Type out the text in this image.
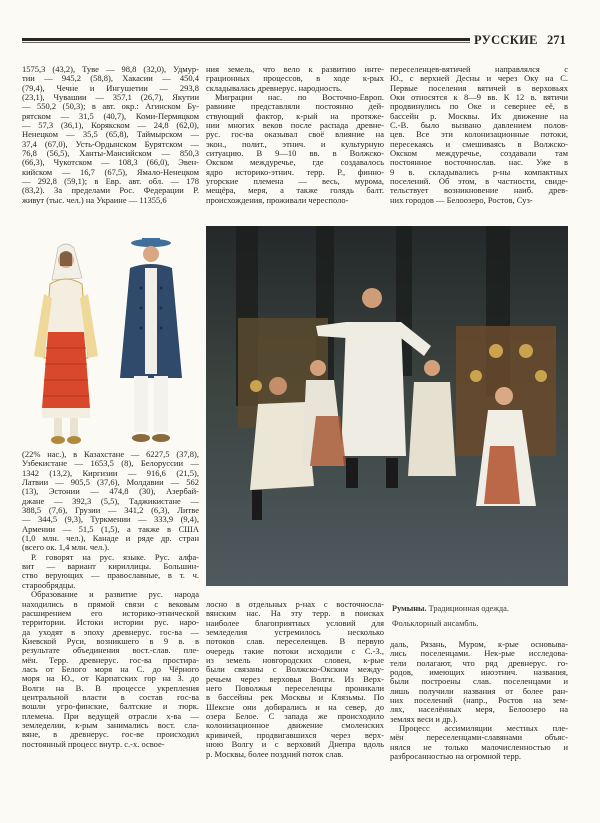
РУССКИЕ 271
1575,3 (43,2), Туве — 98,8 (32,0), Удмур-
тии — 945,2 (58,8), Хакасии — 450,4
(79,4), Чечне и Ингушетии — 293,8
(23,1), Чувашии — 357,1 (26,7), Якутии
— 550,2 (50,3); в авт. окр.: Агинском Бу-
рятском — 31,5 (40,7), Коми-Пермяцком
— 57,3 (36,1), Корякском — 24,8 (62,0),
Ненецком — 35,5 (65,8), Таймырском —
37,4 (67,0), Усть-Ордынском Бурятском —
76,8 (56,5), Ханты-Мансийском — 850,3
(66,3), Чукотском — 108,3 (66,0), Эвен-
кийском — 16,7 (67,5), Ямало-Ненецком
— 292,8 (59,1); в Евр. авт. обл. — 178
(83,2). За пределами Рос. Федерации Р.
живут (тыс. чел.) на Украине — 11355,6
ния земель, что вело к развитию инте-
грационных процессов, в ходе к-рых
складывалась древнерус. народность.
Миграции нас. по Восточно-Европ.
равнине представляли постоянно дей-
ствующий фактор, к-рый на протяже-
нии многих веков после распада древне-
рус. гос-ва оказывал своё влияние на
экон., полит., этнич. и культурную
ситуацию. В 9—10 вв. в Волжско-
Окском междуречье, где создавалось
ядро историко-этнич. терр. Р., финно-
угорские племена — весь, мурома,
мещёра, меря, а также голядь балт.
происхождения, проживали чересполо-
переселенцев-вятичей направлялся с
Ю., с верхней Десны и через Оку на С.
Первые поселения вятичей в верховьях
Оки относятся к 8—9 вв. К 12 в. вятичи
продвинулись по Оке и севернее её, в
бассейн р. Москвы. Их движение на
С.-В. было вызвано давлением полов-
цев. Все эти колонизационные потоки,
пересекаясь и смешиваясь в Волжско-
Окском междуречье, создавали там
постоянное восточнослав. нас. Уже в
9 в. складывались р-ны компактных
поселений. Об этом, в частности, свиде-
тельствует возникновение наиб. древ-
них городов — Белоозеро, Ростов, Суз-
(22% нас.), в Казахстане — 6227,5 (37,8),
Узбекистане — 1653,5 (8), Белоруссии —
1342 (13,2), Киргизии — 916,6 (21,5),
Латвии — 905,5 (37,6), Молдавии — 562
(13), Эстонии — 474,8 (30), Азербай-
джане — 392,3 (5,5), Таджикистане —
388,5 (7,6), Грузии — 341,2 (6,3), Литве
— 344,5 (9,3), Туркмении — 333,9 (9,4),
Армении — 51,5 (1,5), а также в США
(1,0 млн. чел.), Канаде и ряде др. стран
(всего ок. 1,4 млн. чел.).
Р. говорят на рус. языке. Рус. алфа-
вит — вариант кириллицы. Большин-
ство верующих — православные, в т. ч.
старообрядцы.
Образование и развитие рус. народа
находились в прямой связи с вековым
расширением его историко-этнической
территории. Истоки истории рус. наро-
да уходят в эпоху древнерус. гос-ва —
Киевской Руси, возникшего в 9 в. в
результате объединения вост.-слав. пле-
мён. Терр. древнерус. гос-ва простира-
лась от Белого моря на С. до Чёрного
моря на Ю., от Карпатских гор на З. до
Волги на В. В процессе укрепления
центральной власти в состав гос-ва
вошли угро-финские, балтские и тюрк.
племена. При ведущей отрасли х-ва —
земледелии, к-рым занимались вост. сла-
вяне, в древнерус. гос-ве происходил
постоянный процесс внутр. с.-х. освое-
лосно в отдельных р-нах с восточносла-
вянским нас. На эту терр. в поисках
наиболее благоприятных условий для
земледелия устремилось несколько
потоков слав. переселенцев. В первую
очередь такие потоки исходили с С.-З.,
из земель новгородских словен, к-рые
были связаны с Волжско-Окским между-
речьем через верховья Волги. Из Верх-
него Поволжья переселенцы проникали
в бассейны рек Москвы и Клязьмы. По
Шексне они добирались и на север, до
озера Белое. С запада же происходило
колонизационное движение смоленских
кривичей, продвигавшихся через верх-
нюю Волгу и с верховий Днепра вдоль
р. Москвы, более поздний поток слав.
даль, Рязань, Муром, к-рые основыва-
лись поселенцами. Нек-рые исследова-
тели полагают, что ряд древнерус. го-
родов, имеющих иноэтнич. названия,
были построены слав. поселенцами и
лишь получили названия от более ран-
них поселений (напр., Ростов на зем-
лях, населённых меря, Белоозеро на
землях веси и др.).
Процесс ассимиляции местных пле-
мён переселенцами-славянами объяс-
нялся не только малочисленностью и
разбросанностью на огромной терр.
Румыны. Традиционная одежда.
Фольклорный ансамбль.
